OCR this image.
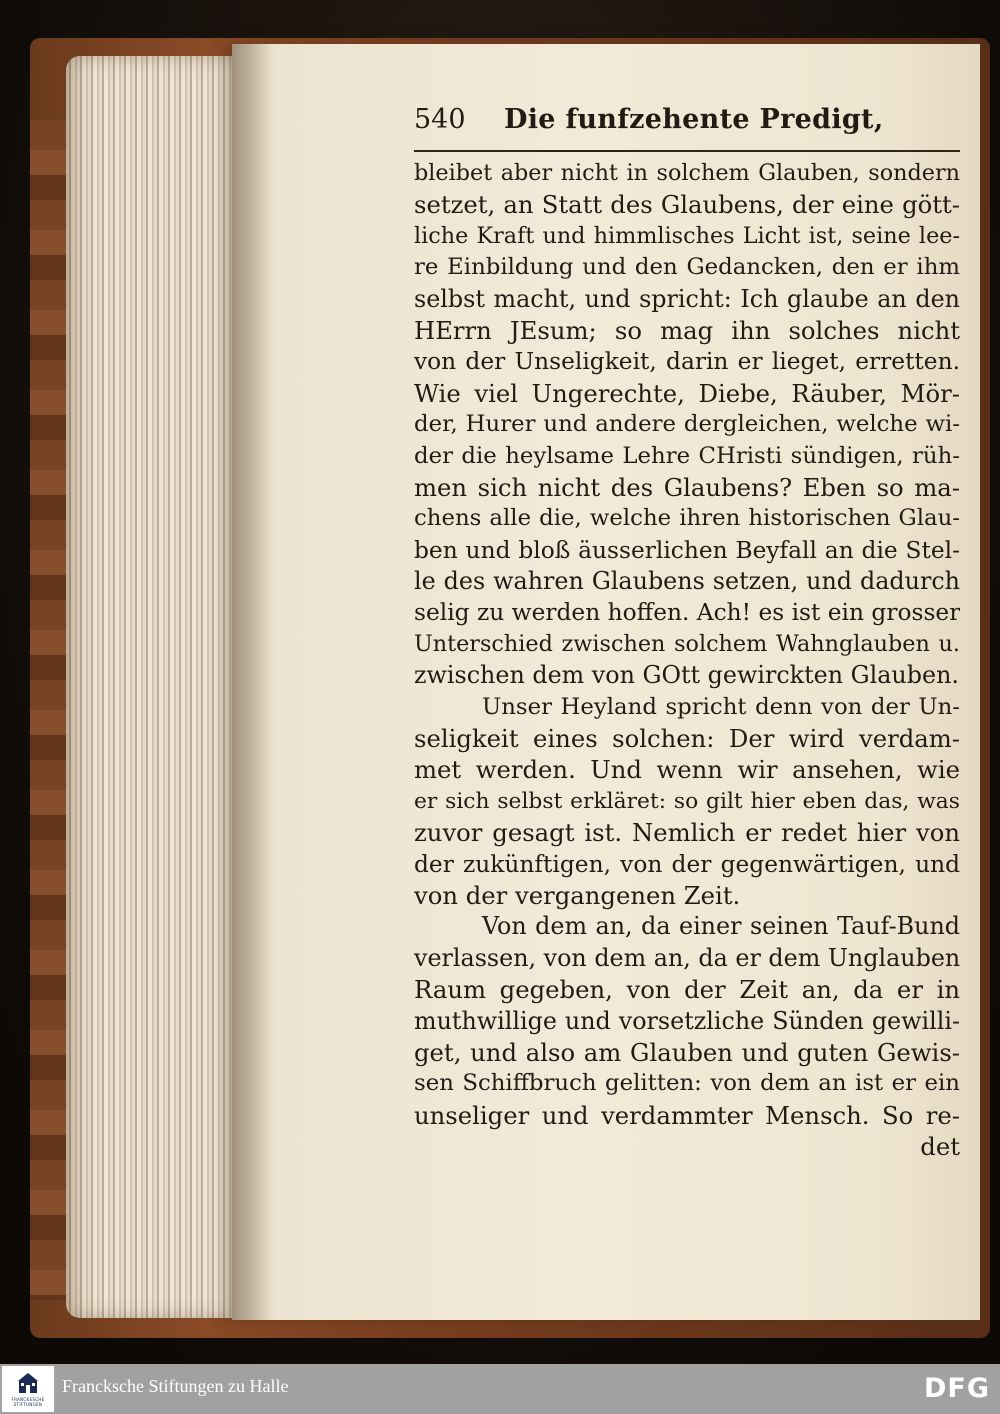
540	Die funfzehente Predigt,
bleibet aber nicht in solchem Glauben, sondern
setzet, an Statt des Glaubens, der eine gött-
liche Kraft und himmlisches Licht ist, seine lee-
re Einbildung und den Gedancken, den er ihm
selbst macht, und spricht: Ich glaube an den
HErrn JEsum; so mag ihn solches nicht
von der Unseligkeit, darin er lieget, erretten.
Wie viel Ungerechte, Diebe, Räuber, Mör-
der, Hurer und andere dergleichen, welche wi-
der die heylsame Lehre CHristi sündigen, rüh-
men sich nicht des Glaubens? Eben so ma-
chens alle die, welche ihren historischen Glau-
ben und bloß äusserlichen Beyfall an die Stel-
le des wahren Glaubens setzen, und dadurch
selig zu werden hoffen. Ach! es ist ein grosser
Unterschied zwischen solchem Wahnglauben u.
zwischen dem von GOtt gewirckten Glauben.
Unser Heyland spricht denn von der Un-
seligkeit eines solchen: Der wird verdam-
met werden. Und wenn wir ansehen, wie
er sich selbst erkläret: so gilt hier eben das, was
zuvor gesagt ist. Nemlich er redet hier von
der zukünftigen, von der gegenwärtigen, und
von der vergangenen Zeit.
Von dem an, da einer seinen Tauf-Bund
verlassen, von dem an, da er dem Unglauben
Raum gegeben, von der Zeit an, da er in
muthwillige und vorsetzliche Sünden gewilli-
get, und also am Glauben und guten Gewis-
sen Schiffbruch gelitten: von dem an ist er ein
unseliger und verdammter Mensch. So re-
det
FRANCKESCHE STIFTUNGEN
Francksche Stiftungen zu Halle	DFG
